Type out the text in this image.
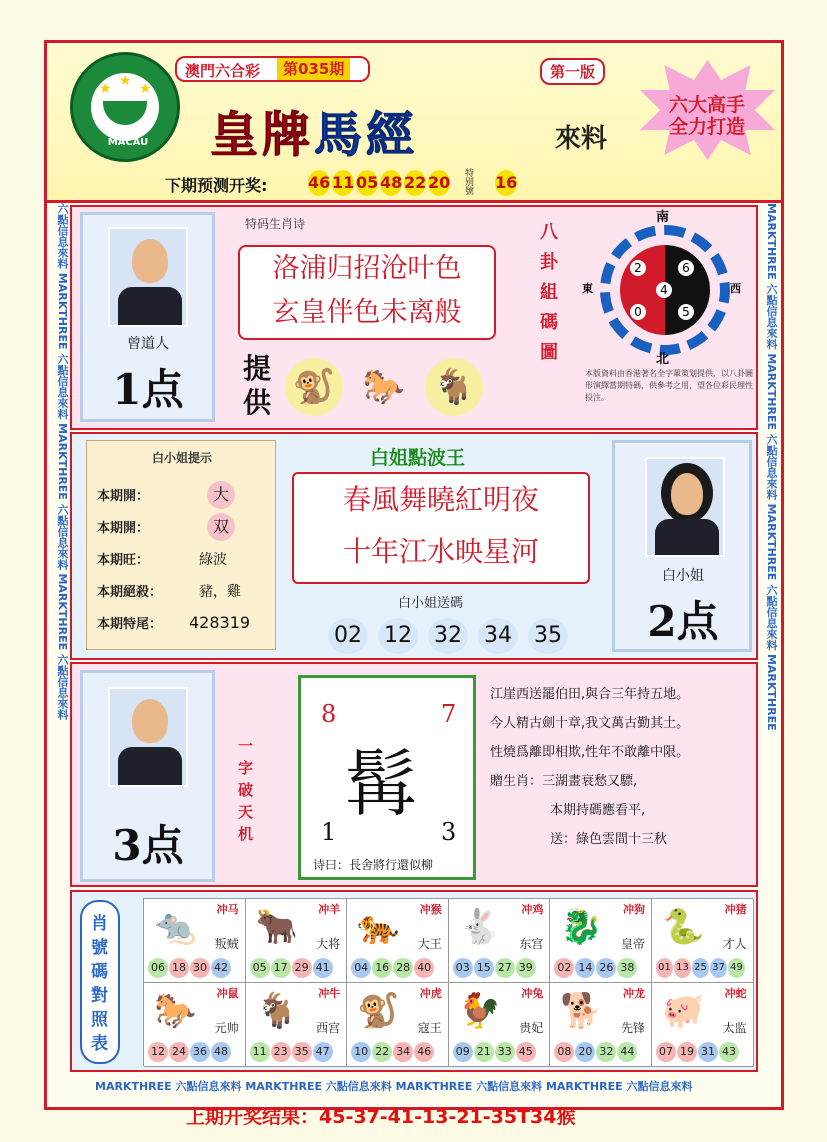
★
★ ★
MACAU
澳門六合彩	第035期	第一版
皇牌馬經	來料
六大高手
全力打造
下期预测开奖:	46 11 05 48 22 20 特别號	16
六點信息來料 MARKTHREE 六點信息來料 MARKTHREE 六點信息來料 MARKTHREE 六點信息來料	MARKTHREE 六點信息來料 MARKTHREE 六點信息來料 MARKTHREE 六點信息來料 MARKTHREE
MARKTHREE 六點信息來料 MARKTHREE 六點信息來料 MARKTHREE 六點信息來料 MARKTHREE 六點信息來料
曾道人
1点
特码生肖诗
洛浦归招沧叶色
玄皇伴色未离般
提供 🐒 🐎 🐐
八卦組碼圖
2	6
4
0	5
南
北
西
東
本版資料由香港著名全字輩策划提供，以八卦圖形演繹當期特碼，供參考之用，望各位彩民理性投注。
白小姐提示
本期開：	大
本期開：	双
本期旺：	綠波
本期絕殺：	豬，雞
本期特尾： 428319
白姐點波王
春風舞曉紅明夜
十年江水映星河
白小姐送碼
02 12 32 34 35
白小姐
2点
3点
一字破天机
8	7
髯
1	3
诗曰：長舍將行還似柳
江崖西送罷伯田,與合三年持五地。
今人精古劍十章,我文萬古勤其土。
性燒爲離即相欺,性年不敢離中限。
贈生肖：三湖畫衰愁又驃,
本期持碼應看平,
送：綠色雲間十三秋
肖號碼對照表
冲马
🐀 叛贼
06 18 30 42
冲羊
🐂 大将
05 17 29 41
冲猴
🐅 大王
04 16 28 40
冲鸡
🐇 东宫
03 15 27 39
冲狗
🐉 皇帝
02 14 26 38
冲猪
🐍 才人
01 13 25 37 49
冲鼠
🐎 元帅
12 24 36 48
冲牛
🐐 西宫
11 23 35 47
冲虎
🐒 寇王
10 22 34 46
冲兔
🐓 贵妃
09 21 33 45
冲龙
🐕 先锋
08 20 32 44
冲蛇
🐖 太监
07 19 31 43
上期开奖结果：45-37-41-13-21-35T34猴
